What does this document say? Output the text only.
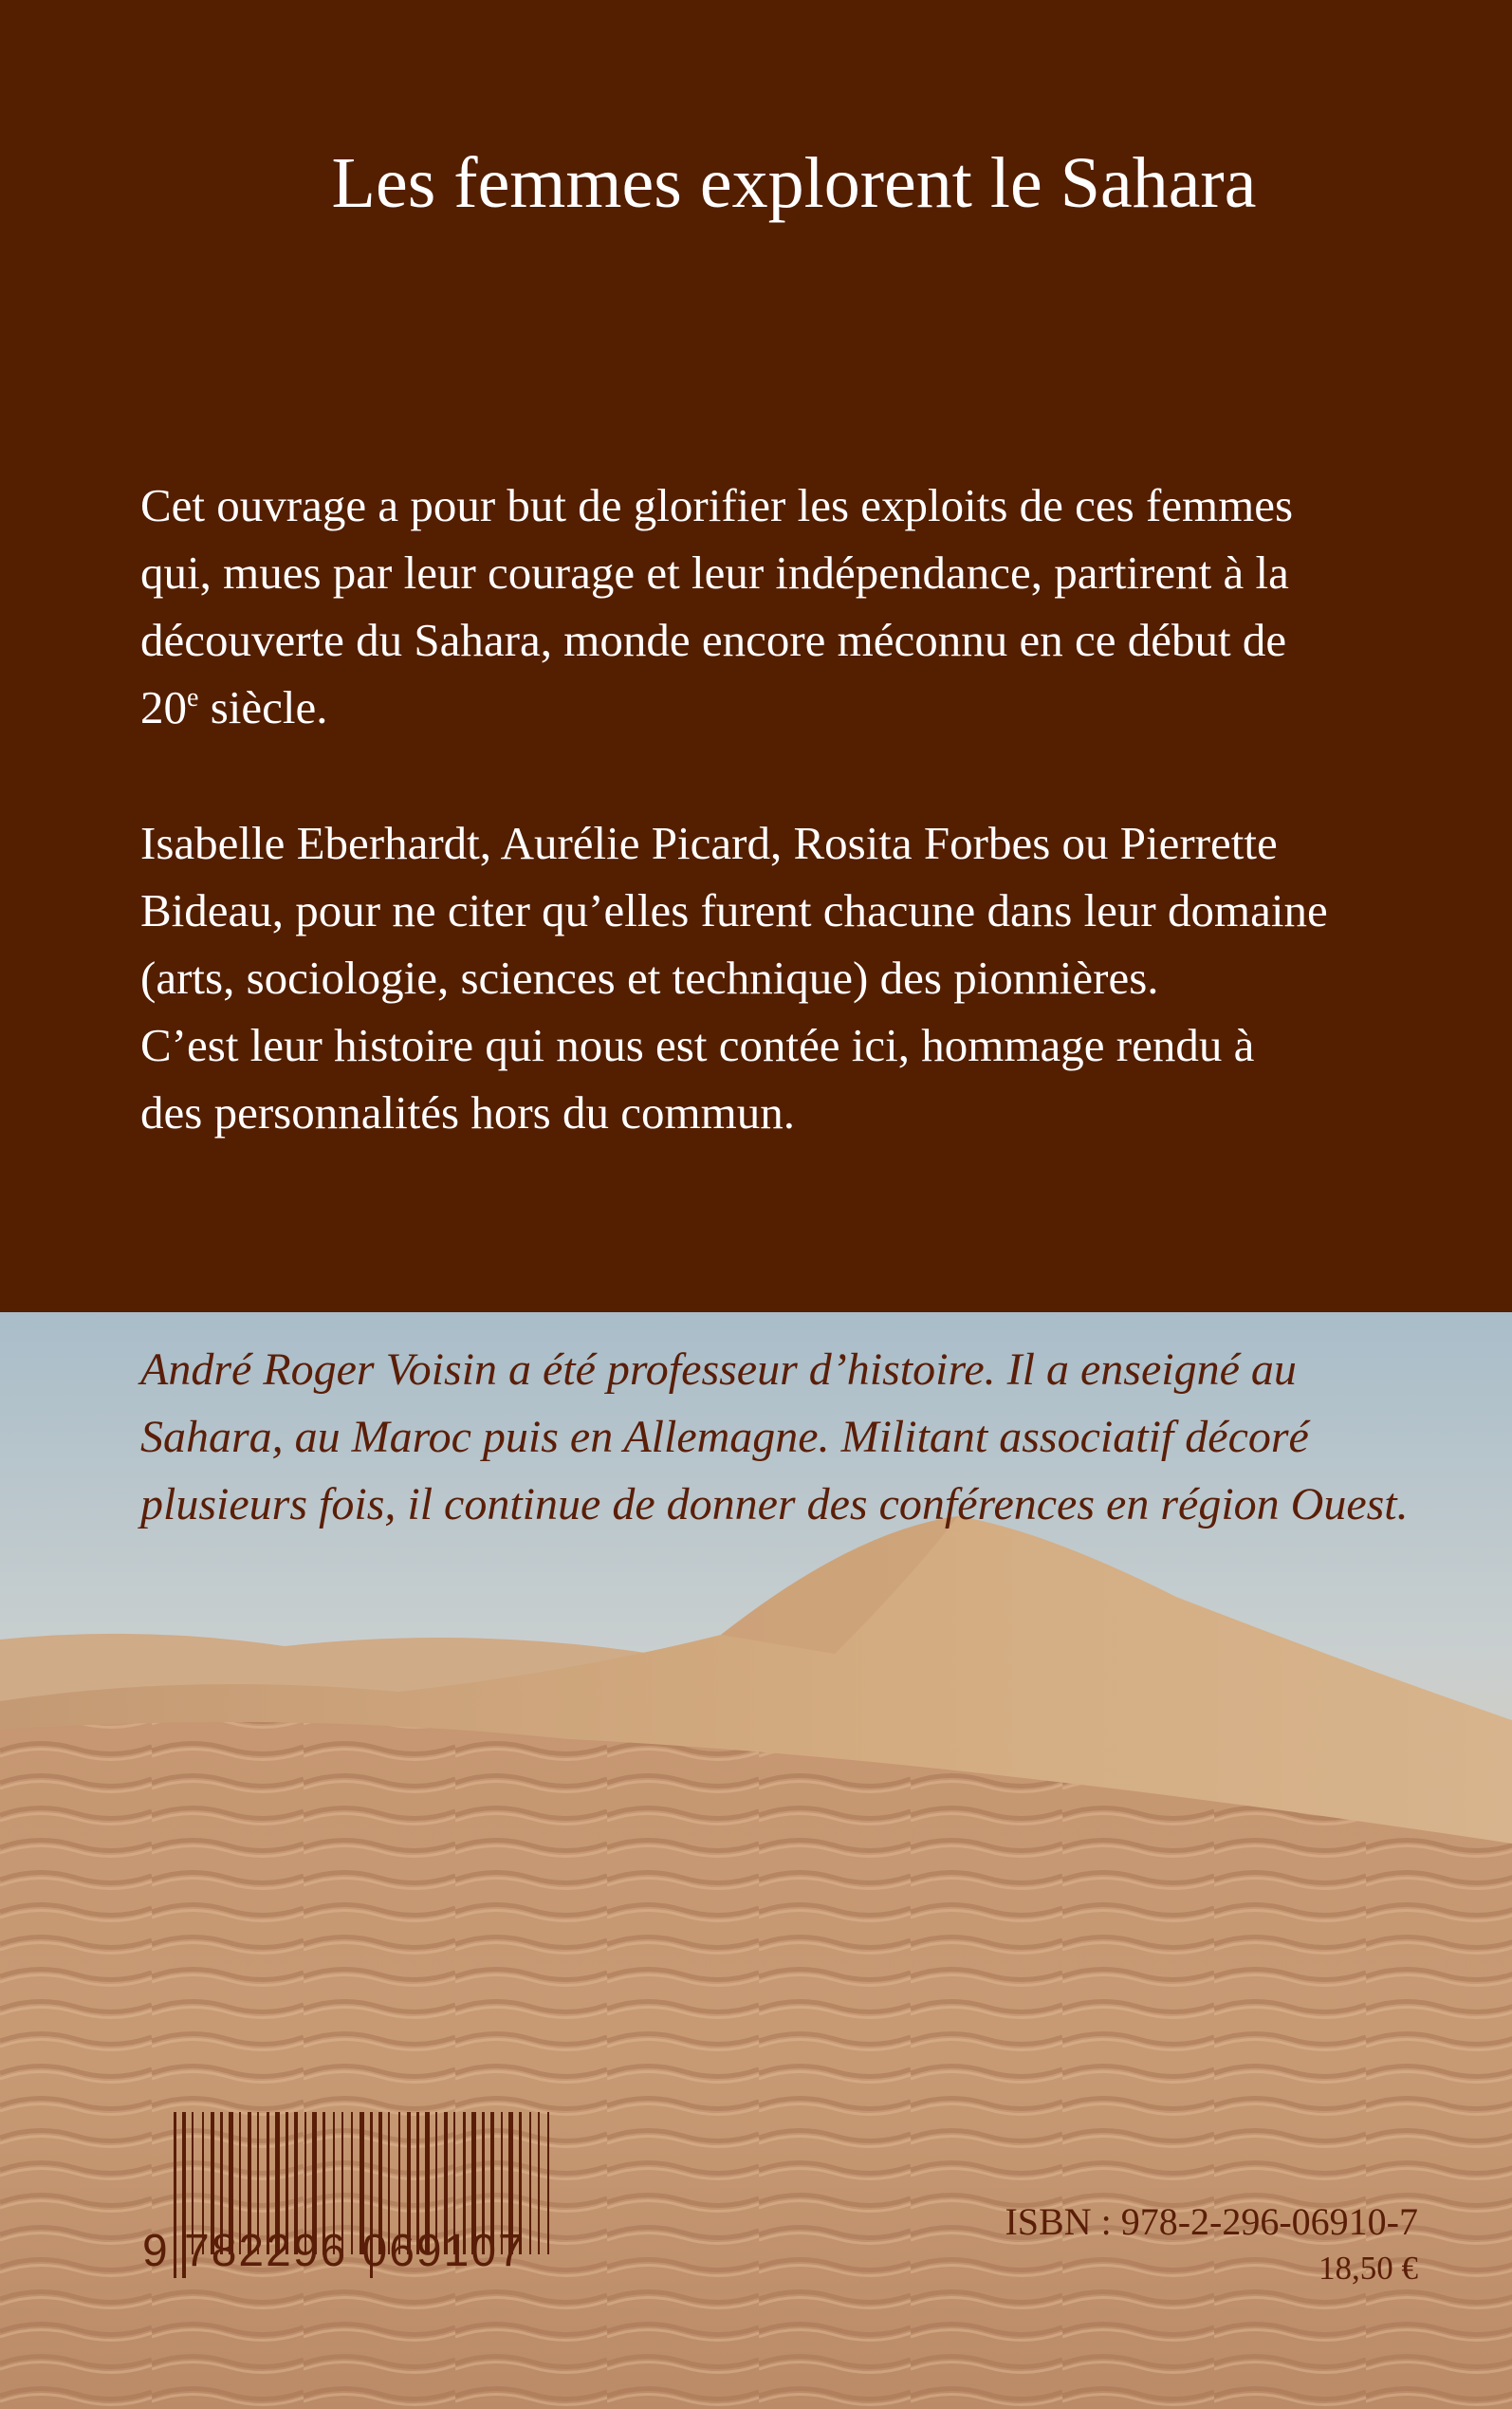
Les femmes explorent le Sahara

Cet ouvrage a pour but de glorifier les exploits de ces femmes
qui, mues par leur courage et leur indépendance, partirent à la
découverte du Sahara, monde encore méconnu en ce début de
20e siècle.

Isabelle Eberhardt, Aurélie Picard, Rosita Forbes ou Pierrette
Bideau, pour ne citer qu’elles furent chacune dans leur domaine
(arts, sociologie, sciences et technique) des pionnières.
C’est leur histoire qui nous est contée ici, hommage rendu à
des personnalités hors du commun.

André Roger Voisin a été professeur d’histoire. Il a enseigné au
Sahara, au Maroc puis en Allemagne. Militant associatif décoré
plusieurs fois, il continue de donner des conférences en région Ouest.

9 782296 069107
ISBN : 978-2-296-06910-7
18,50 €
